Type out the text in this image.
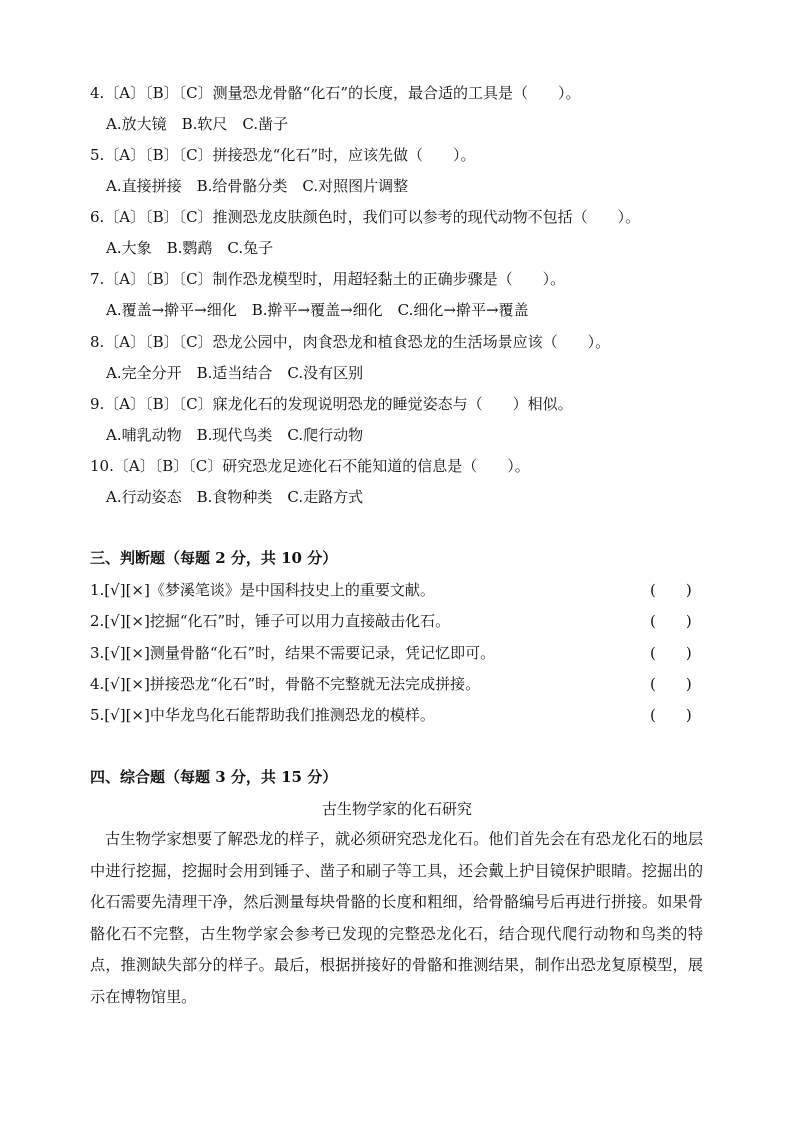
4.〔A〕〔B〕〔C〕测量恐龙骨骼“化石”的长度，最合适的工具是（　　）。
A.放大镜　B.软尺　C.凿子
5.〔A〕〔B〕〔C〕拼接恐龙“化石”时，应该先做（　　）。
A.直接拼接　B.给骨骼分类　C.对照图片调整
6.〔A〕〔B〕〔C〕推测恐龙皮肤颜色时，我们可以参考的现代动物不包括（　　）。
A.大象　B.鹦鹉　C.兔子
7.〔A〕〔B〕〔C〕制作恐龙模型时，用超轻黏土的正确步骤是（　　）。
A.覆盖→擀平→细化　B.擀平→覆盖→细化　C.细化→擀平→覆盖
8.〔A〕〔B〕〔C〕恐龙公园中，肉食恐龙和植食恐龙的生活场景应该（　　）。
A.完全分开　B.适当结合　C.没有区别
9.〔A〕〔B〕〔C〕寐龙化石的发现说明恐龙的睡觉姿态与（　　）相似。
A.哺乳动物　B.现代鸟类　C.爬行动物
10.〔A〕〔B〕〔C〕研究恐龙足迹化石不能知道的信息是（　　）。
A.行动姿态　B.食物种类　C.走路方式
三、判断题（每题 2 分，共 10 分）
1.[√][×]《梦溪笔谈》是中国科技史上的重要文献。	(　　)
2.[√][×]挖掘“化石”时，锤子可以用力直接敲击化石。	(　　)
3.[√][×]测量骨骼“化石”时，结果不需要记录，凭记忆即可。	(　　)
4.[√][×]拼接恐龙“化石”时，骨骼不完整就无法完成拼接。	(　　)
5.[√][×]中华龙鸟化石能帮助我们推测恐龙的模样。	(　　)
四、综合题（每题 3 分，共 15 分）
古生物学家的化石研究
古生物学家想要了解恐龙的样子，就必须研究恐龙化石。他们首先会在有恐龙化石的地层中进行挖掘，挖掘时会用到锤子、凿子和刷子等工具，还会戴上护目镜保护眼睛。挖掘出的化石需要先清理干净，然后测量每块骨骼的长度和粗细，给骨骼编号后再进行拼接。如果骨骼化石不完整，古生物学家会参考已发现的完整恐龙化石，结合现代爬行动物和鸟类的特点，推测缺失部分的样子。最后，根据拼接好的骨骼和推测结果，制作出恐龙复原模型，展示在博物馆里。
